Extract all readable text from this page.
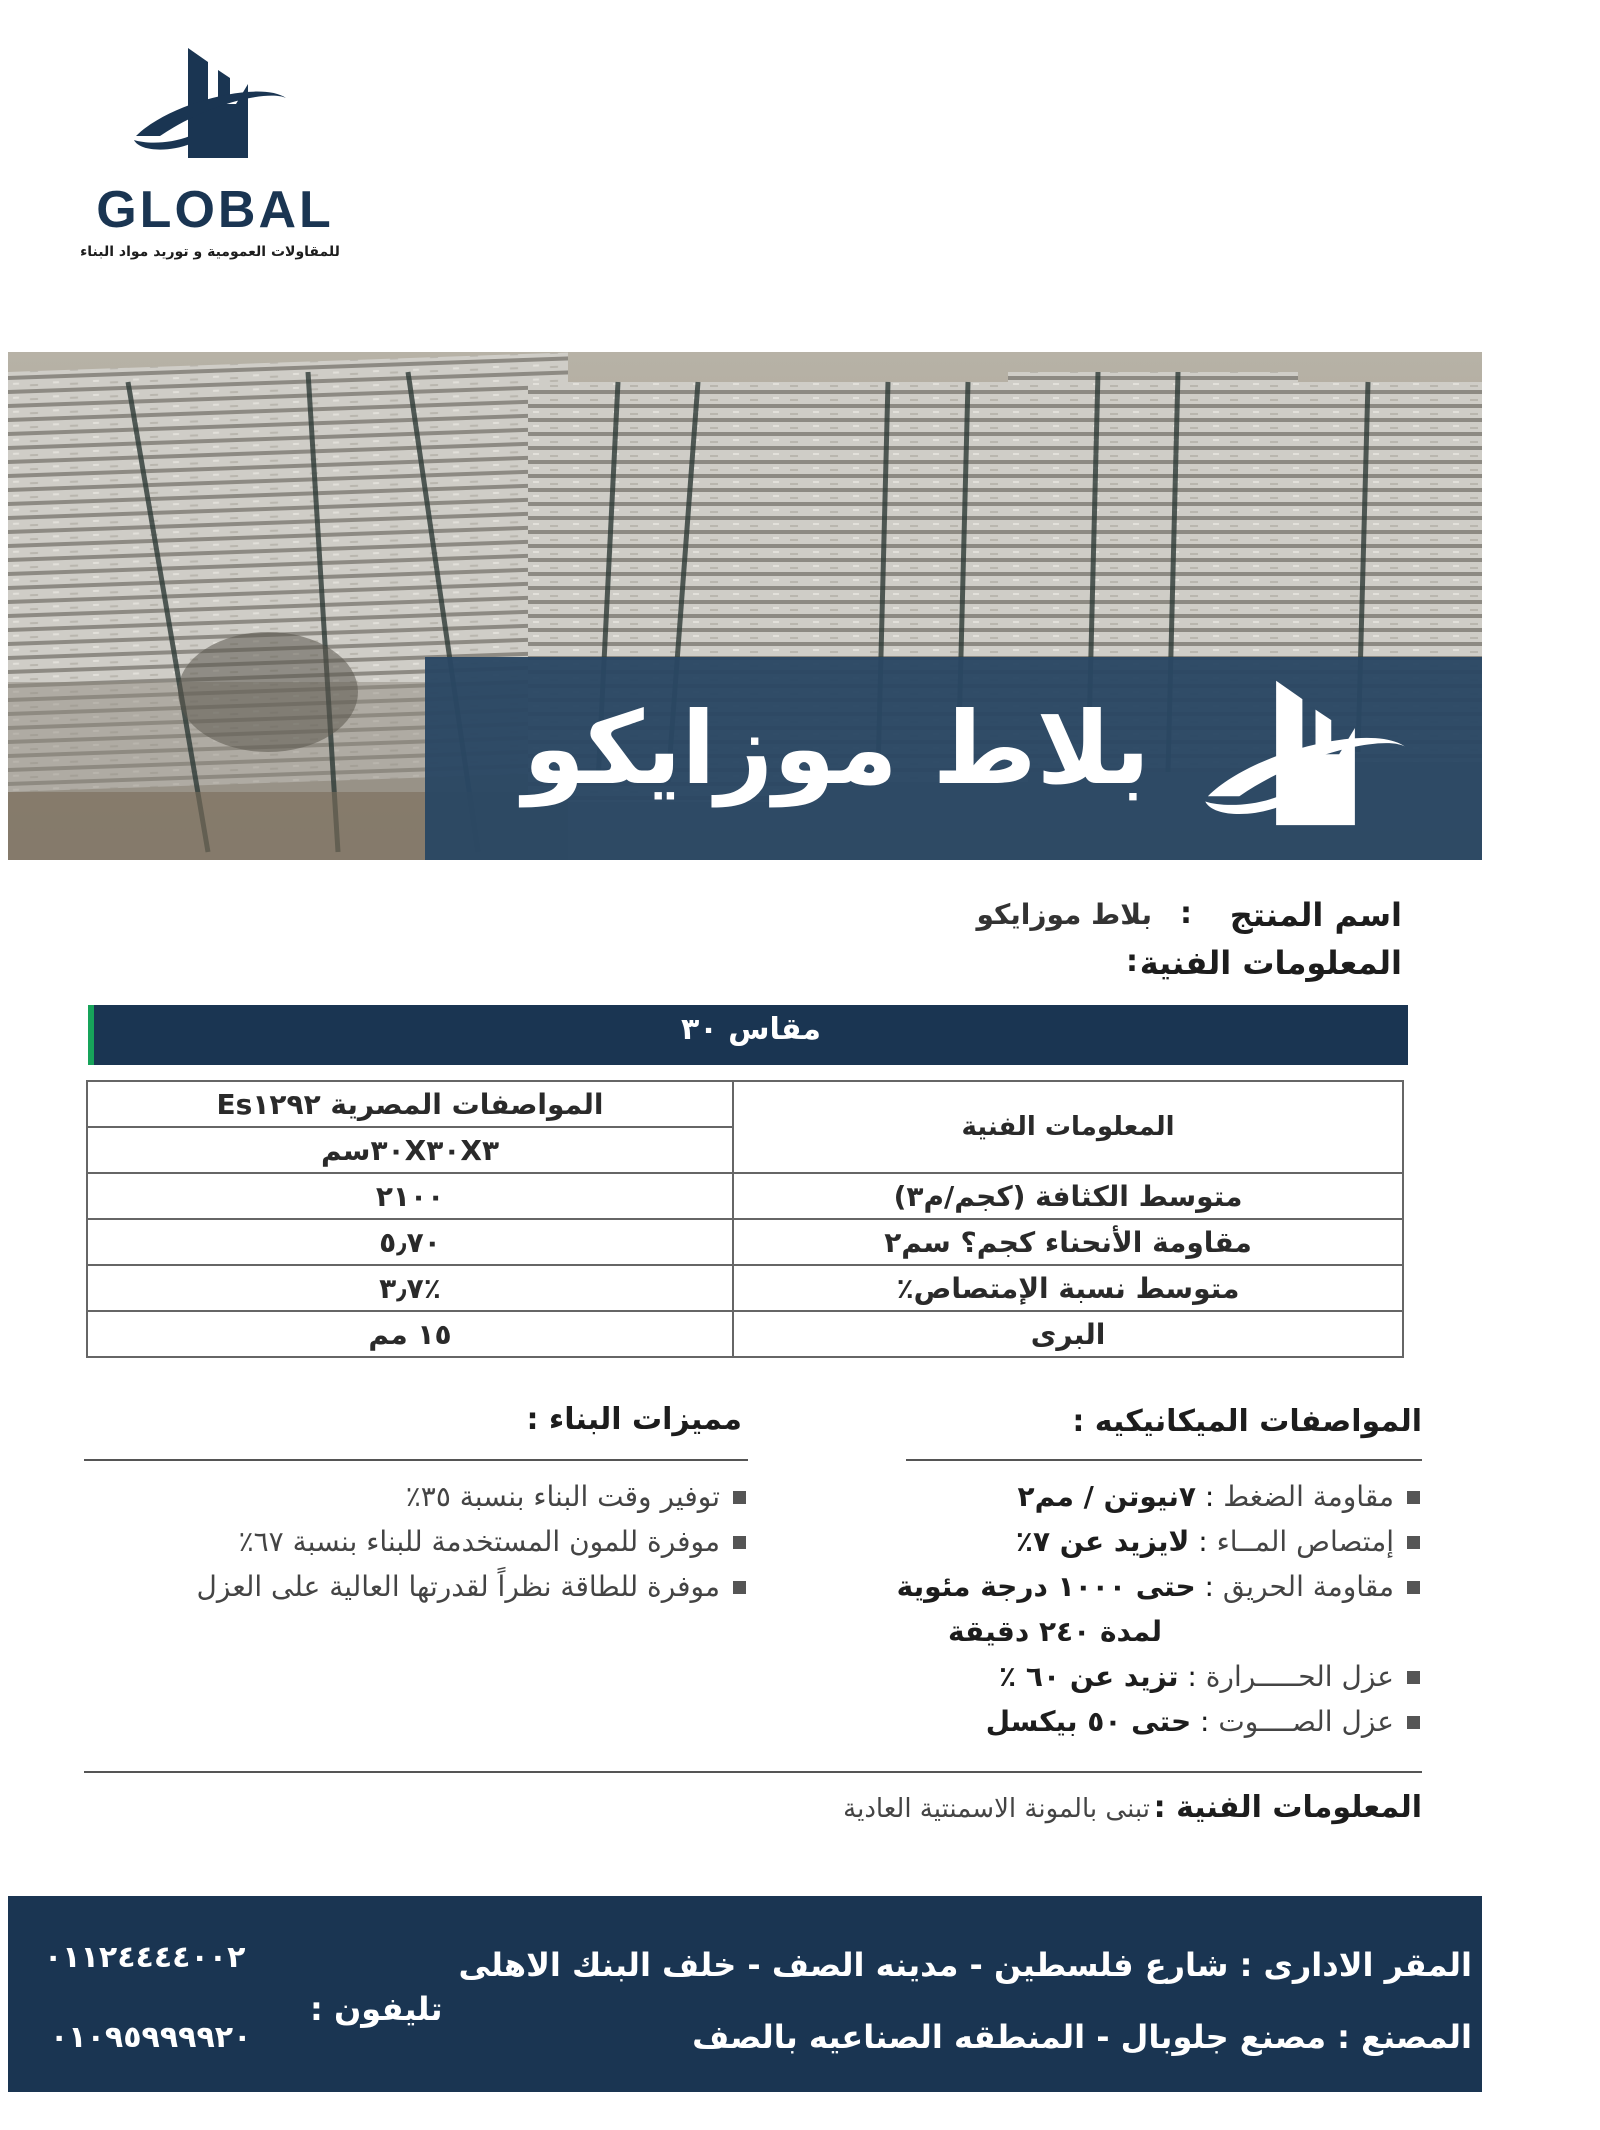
GLOBAL
للمقاولات العمومية و توريد مواد البناء
بلاط موزايكو
اسم المنتج
:
بلاط موزايكو
المعلومات الفنية
:
مقاس ٣٠
المعلومات الفنية	المواصفات المصرية Es١٢٩٢
	٣٠X٣٠X٣سم
متوسط الكثافة (كجم/م٣)	٢١٠٠
مقاومة الأنحناء كجم؟ سم٢	٥٫٧٠
متوسط نسبة الإمتصاص٪	٪٣٫٧
البرى	١٥ مم
المواصفات الميكانيكيه :
مقاومة الضغط : ٧نيوتن / مم٢
إمتصاص المــاء : لايزيد عن ٧٪
مقاومة الحريق : حتى ١٠٠٠ درجة مئوية
لمدة ٢٤٠ دقيقة
عزل الحـــــرارة : تزيد عن ٦٠ ٪
عزل الصــــوت : حتى ٥٠ بيكسل
مميزات البناء :
توفير وقت البناء بنسبة ٣٥٪
موفرة للمون المستخدمة للبناء بنسبة ٦٧٪
موفرة للطاقة نظراً لقدرتها العالية على العزل
المعلومات الفنية :
تبنى بالمونة الاسمنتية العادية
المقر الادارى : شارع فلسطين - مدينه الصف - خلف البنك الاهلى
المصنع : مصنع جلوبال - المنطقه الصناعيه بالصف
تليفون :
٠١١٢٤٤٤٤٠٠٢
٠١٠٩٥٩٩٩٩٢٠
